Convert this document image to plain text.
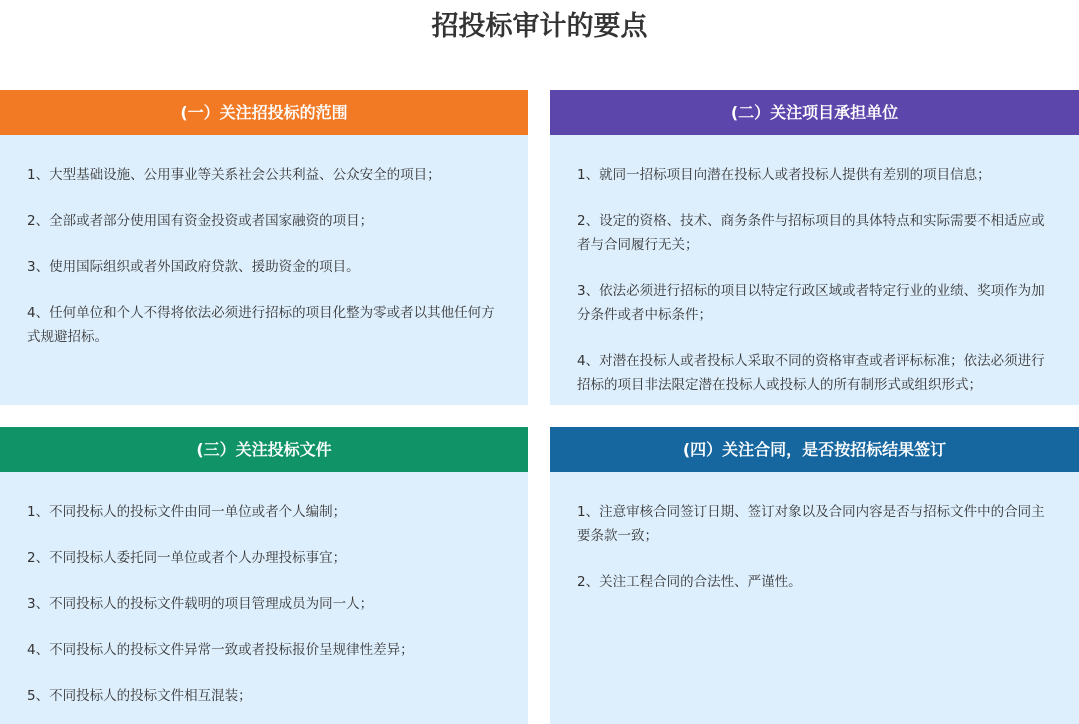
招投标审计的要点
(一）关注招投标的范围

1、大型基础设施、公用事业等关系社会公共利益、公众安全的项目；

2、全部或者部分使用国有资金投资或者国家融资的项目；

3、使用国际组织或者外国政府贷款、援助资金的项目。

4、任何单位和个人不得将依法必须进行招标的项目化整为零或者以其他任何方式规避招标。

(二）关注项目承担单位

1、就同一招标项目向潜在投标人或者投标人提供有差别的项目信息；

2、设定的资格、技术、商务条件与招标项目的具体特点和实际需要不相适应或者与合同履行无关；

3、依法必须进行招标的项目以特定行政区域或者特定行业的业绩、奖项作为加分条件或者中标条件；

4、对潜在投标人或者投标人采取不同的资格审查或者评标标准；依法必须进行招标的项目非法限定潜在投标人或投标人的所有制形式或组织形式；

(三）关注投标文件

1、不同投标人的投标文件由同一单位或者个人编制；

2、不同投标人委托同一单位或者个人办理投标事宜；

3、不同投标人的投标文件载明的项目管理成员为同一人；

4、不同投标人的投标文件异常一致或者投标报价呈规律性差异；

5、不同投标人的投标文件相互混装；

(四）关注合同，是否按招标结果签订

1、注意审核合同签订日期、签订对象以及合同内容是否与招标文件中的合同主要条款一致；

2、关注工程合同的合法性、严谨性。
